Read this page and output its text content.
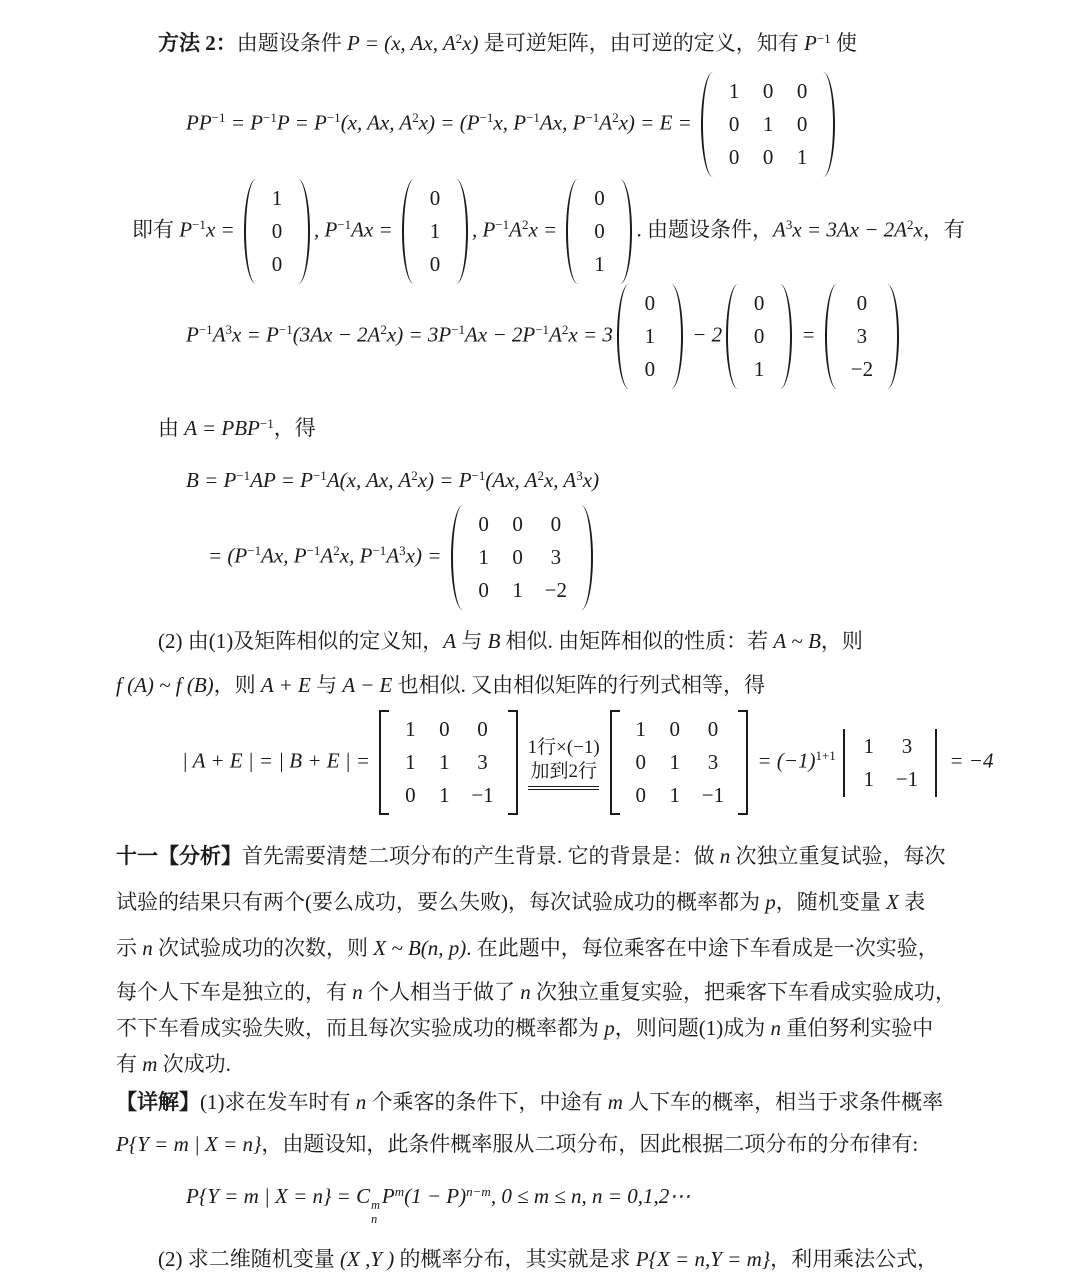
方法 2：由题设条件 P = (x, Ax, $A^2x$) 是可逆矩阵，由可逆的定义，知有 $P^{-1}$ 使
$PP^{-1} = P^{-1}P = P^{-1}(x$, Ax, $A^2x) = (P^{-1}x$, $P^{-1}Ax$, $P^{-1}A^2x) = E$ =
1	0	0
0	1	0
0	0	1
即有 $P^{-1}x$ =
1
0
0
, $P^{-1}Ax$ =
0
1
0
, $P^{-1}A^2x$ =
0
0
1
. 由题设条件，$A^3x = 3Ax - 2A^2x$，有
$P^{-1}A^3x = P^{-1}(3Ax - 2A^2x) = 3P^{-1}Ax - 2P^{-1}A^2x = 3$
0
1
0
− 2
0
0
1
=
0
3
−2
由 $A = PBP^{-1}$，得
$B = P^{-1}AP = P^{-1}A(x$, Ax, $A^2x) = P^{-1}(Ax$, $A^2x$, $A^3x$)
= ($P^{-1}Ax$, $P^{-1}A^2x$, $P^{-1}A^3x$) =
0	0	0
1	0	3
0	1	−2
(2) 由(1)及矩阵相似的定义知，A 与 B 相似. 由矩阵相似的性质：若 A ~ B，则
f (A) ~ f (B)，则 A + E 与 A − E 也相似. 又由相似矩阵的行列式相等，得
| A + E | = | B + E | =
1	0	0
1	1	3
0	1	−1
1行×(−1)
加到2行
1	0	0
0	1	3
0	1	−1
= $(-1)^{1+1}$	1	3
1	−1
= −4
十一【分析】首先需要清楚二项分布的产生背景. 它的背景是：做 n 次独立重复试验，每次
试验的结果只有两个(要么成功，要么失败)，每次试验成功的概率都为 p，随机变量 X 表
示 n 次试验成功的次数，则 X ~ B(n, p). 在此题中，每位乘客在中途下车看成是一次实验，
每个人下车是独立的，有 n 个人相当于做了 n 次独立重复实验，把乘客下车看成实验成功，
不下车看成实验失败，而且每次实验成功的概率都为 p，则问题(1)成为 n 重伯努利实验中
有 m 次成功.
【详解】(1)求在发车时有 n 个乘客的条件下，中途有 m 人下车的概率，相当于求条件概率
P{Y = m | X = n}，由题设知，此条件概率服从二项分布，因此根据二项分布的分布律有:
P{Y = m | X = n} = C m
n
$P^m(1 - P)^{n-m}$, 0 ≤ m ≤ n, n = 0,1,2⋯
(2) 求二维随机变量 (X ,Y ) 的概率分布，其实就是求 P{X = n,Y = m}，利用乘法公式，
